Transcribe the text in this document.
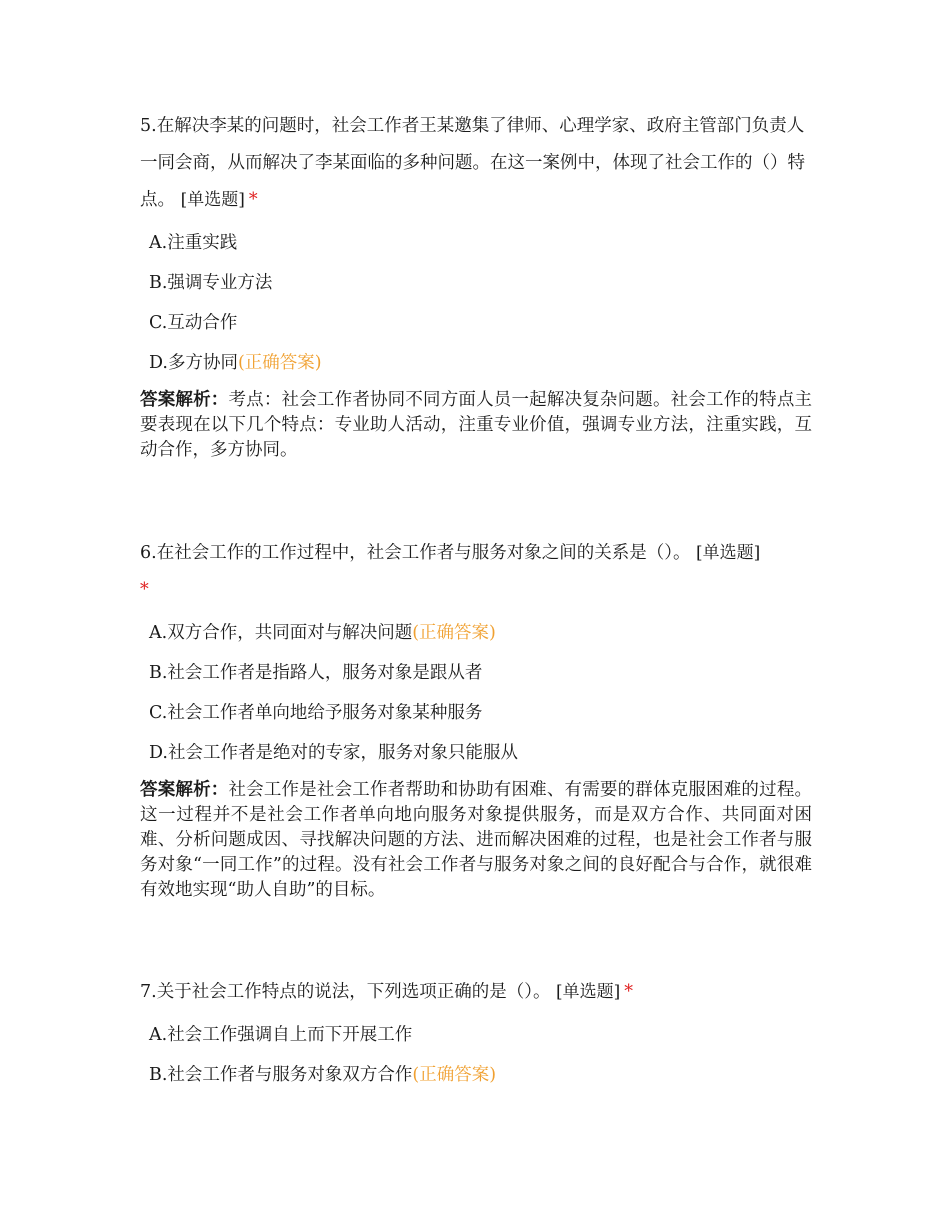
5.在解决李某的问题时，社会工作者王某邀集了律师、心理学家、政府主管部门负责人一同会商，从而解决了李某面临的多种问题。在这一案例中，体现了社会工作的（）特点。 [单选题] *

A.注重实践
B.强调专业方法
C.互动合作
D.多方协同(正确答案)
答案解析：考点：社会工作者协同不同方面人员一起解决复杂问题。社会工作的特点主要表现在以下几个特点：专业助人活动，注重专业价值，强调专业方法，注重实践，互动合作，多方协同。

6.在社会工作的工作过程中，社会工作者与服务对象之间的关系是（）。 [单选题]
*

A.双方合作，共同面对与解决问题(正确答案)
B.社会工作者是指路人，服务对象是跟从者
C.社会工作者单向地给予服务对象某种服务
D.社会工作者是绝对的专家，服务对象只能服从
答案解析：社会工作是社会工作者帮助和协助有困难、有需要的群体克服困难的过程。这一过程并不是社会工作者单向地向服务对象提供服务，而是双方合作、共同面对困难、分析问题成因、寻找解决问题的方法、进而解决困难的过程，也是社会工作者与服务对象“一同工作”的过程。没有社会工作者与服务对象之间的良好配合与合作，就很难有效地实现“助人自助”的目标。

7.关于社会工作特点的说法，下列选项正确的是（）。 [单选题] *

A.社会工作强调自上而下开展工作
B.社会工作者与服务对象双方合作(正确答案)
